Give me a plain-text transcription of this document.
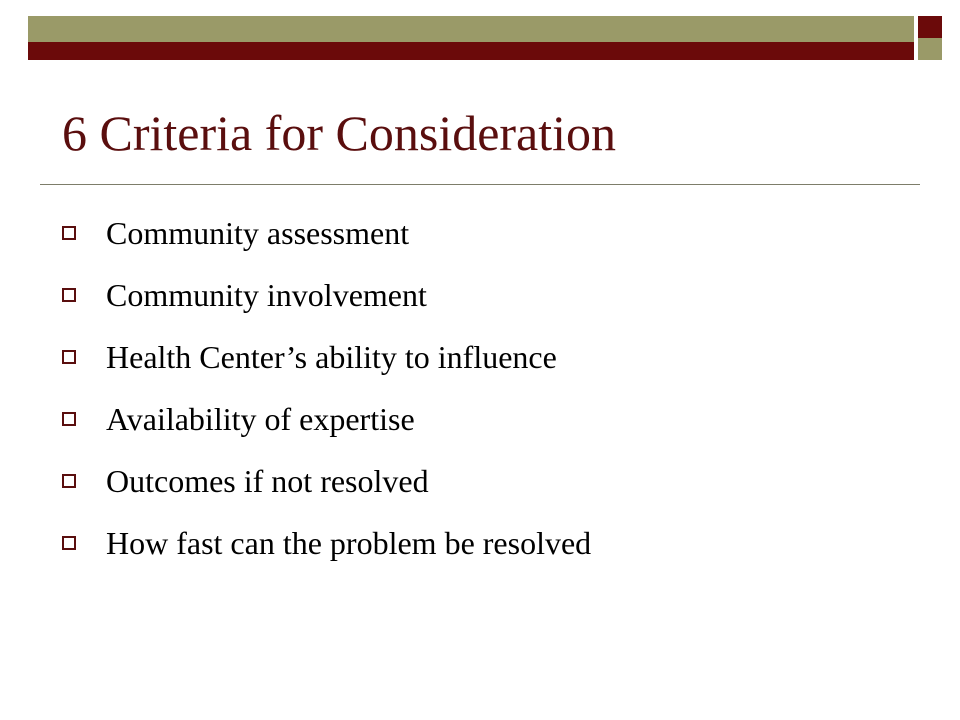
6 Criteria for Consideration
Community assessment
Community involvement
Health Center’s ability to influence
Availability of expertise
Outcomes if not resolved
How fast can the problem be resolved
